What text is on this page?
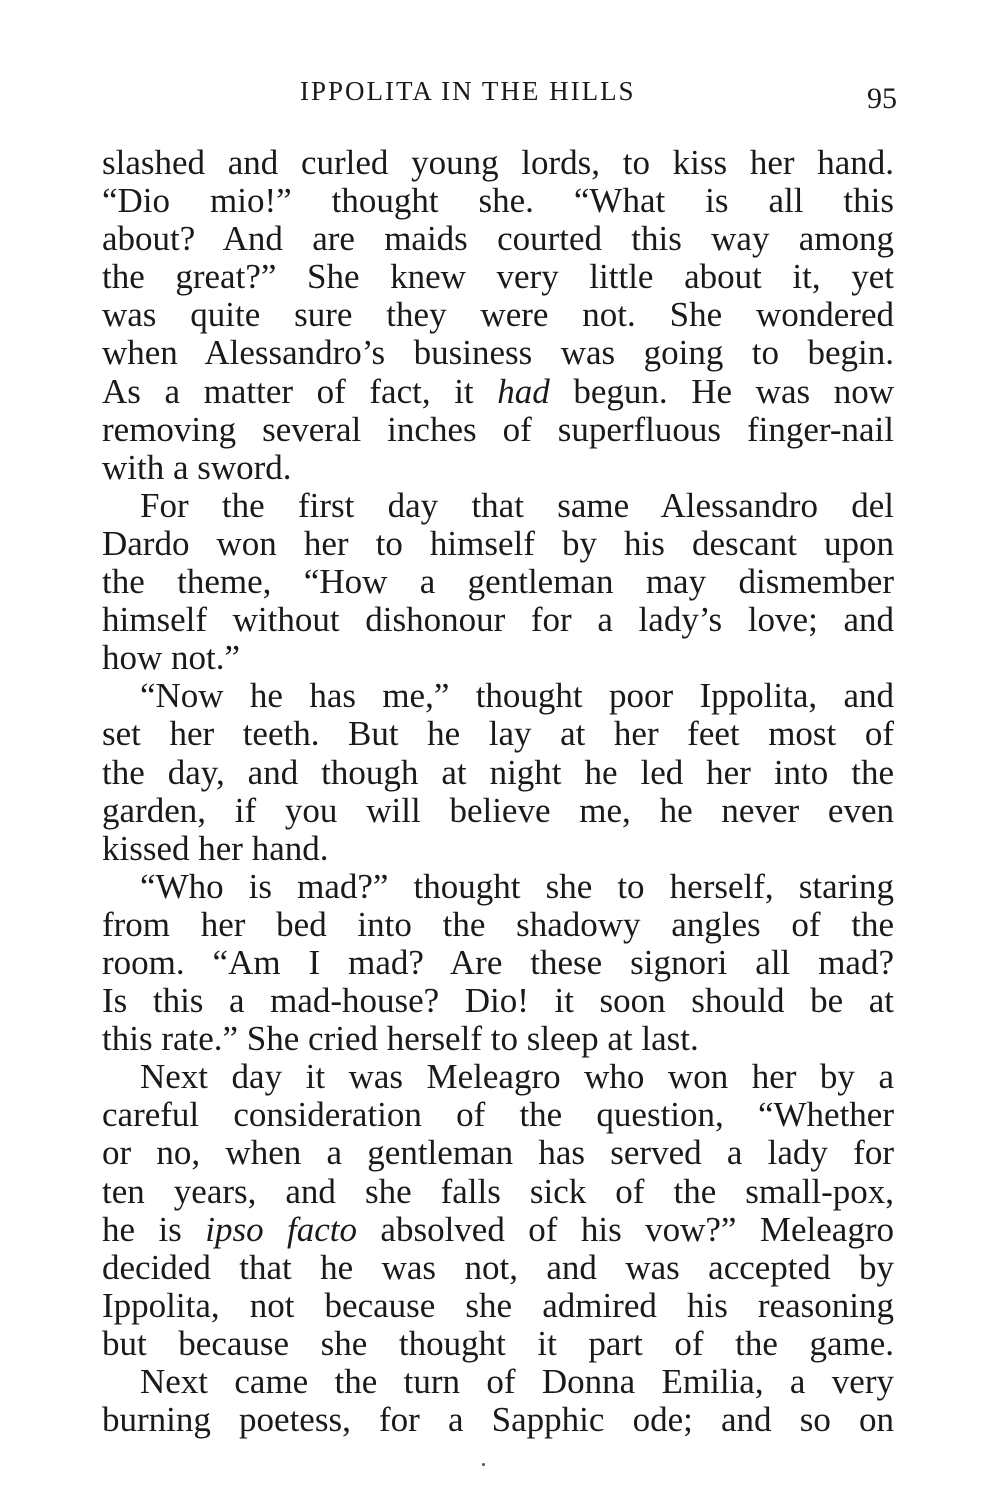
IPPOLITA IN THE HILLS	95
slashed and curled young lords, to kiss her hand.
“Dio mio!” thought she. “What is all this
about? And are maids courted this way among
the great?” She knew very little about it, yet
was quite sure they were not. She wondered
when Alessandro’s business was going to begin.
As a matter of fact, it had begun. He was now
removing several inches of superfluous finger-nail
with a sword.
For the first day that same Alessandro del
Dardo won her to himself by his descant upon
the theme, “How a gentleman may dismember
himself without dishonour for a lady’s love; and
how not.”
“Now he has me,” thought poor Ippolita, and
set her teeth. But he lay at her feet most of
the day, and though at night he led her into the
garden, if you will believe me, he never even
kissed her hand.
“Who is mad?” thought she to herself, staring
from her bed into the shadowy angles of the
room. “Am I mad? Are these signori all mad?
Is this a mad-house? Dio! it soon should be at
this rate.” She cried herself to sleep at last.
Next day it was Meleagro who won her by a
careful consideration of the question, “Whether
or no, when a gentleman has served a lady for
ten years, and she falls sick of the small-pox,
he is ipso facto absolved of his vow?” Meleagro
decided that he was not, and was accepted by
Ippolita, not because she admired his reasoning
but because she thought it part of the game.
Next came the turn of Donna Emilia, a very
burning poetess, for a Sapphic ode; and so on
